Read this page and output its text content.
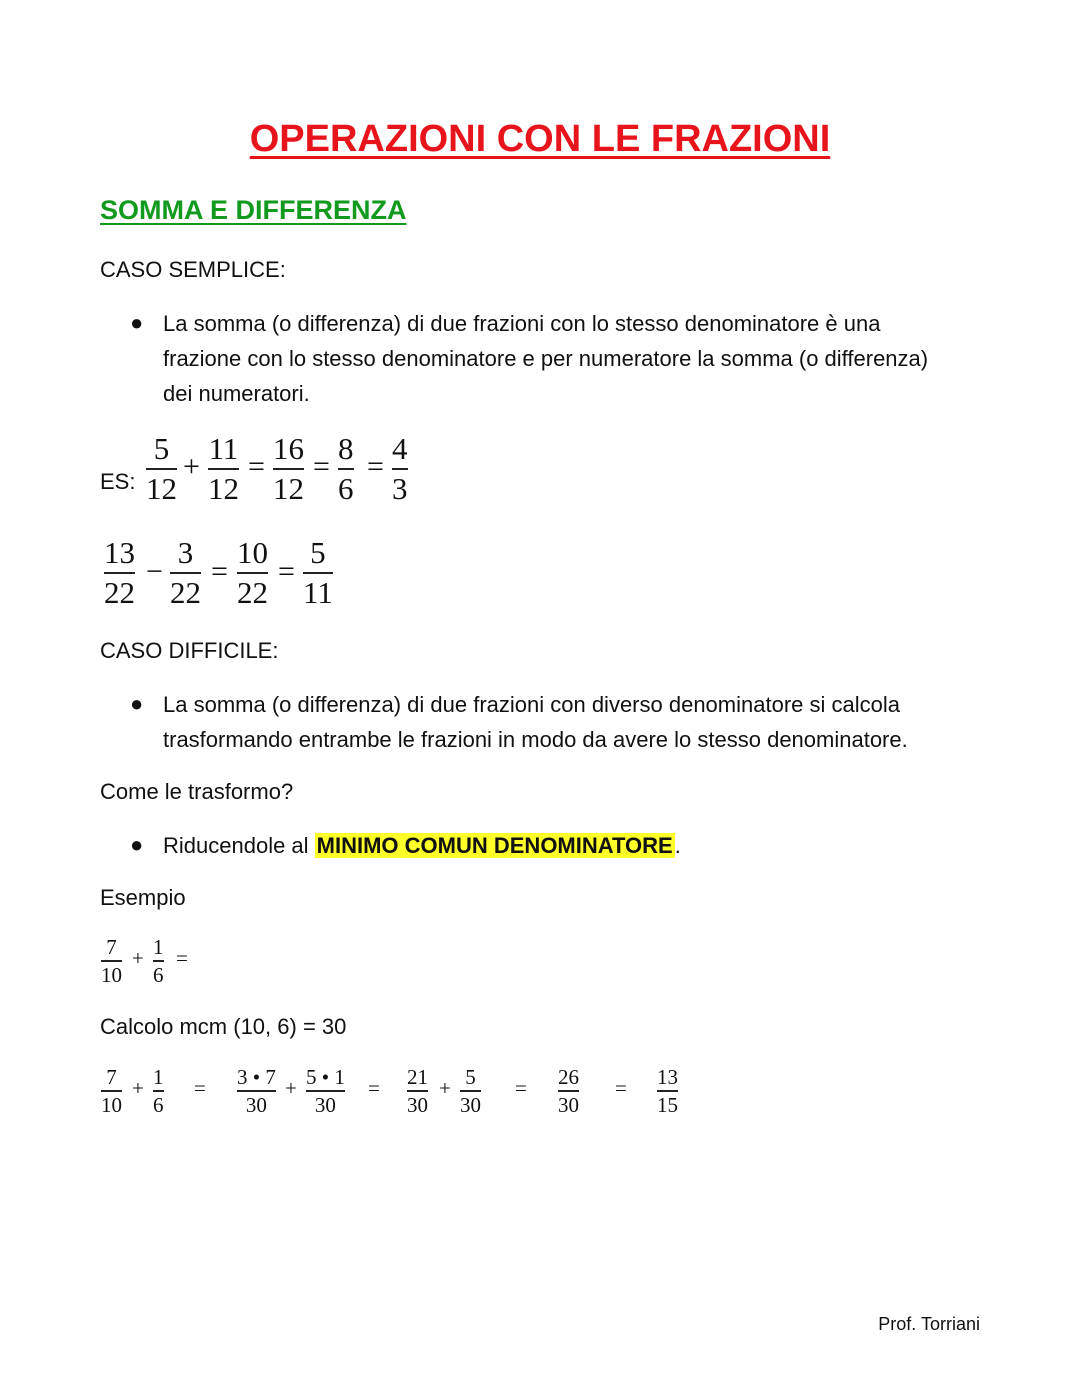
OPERAZIONI CON LE FRAZIONI
SOMMA E DIFFERENZA
CASO SEMPLICE:
● La somma (o differenza) di due frazioni con lo stesso denominatore è una
frazione con lo stesso denominatore e per numeratore la somma (o differenza)
dei numeratori.
ES:
5
12
+
11
12
=
16
12
=
8
6
=
4
3
13
22
−
3
22
=
10
22
=
5
11
CASO DIFFICILE:
● La somma (o differenza) di due frazioni con diverso denominatore si calcola
trasformando entrambe le frazioni in modo da avere lo stesso denominatore.
Come le trasformo?
● Riducendole al MINIMO COMUN DENOMINATORE.
Esempio
7
10
+ 1
6
=
Calcolo mcm (10, 6) = 30
7
10
+ 1
6
= 3 • 7
30
+ 5 • 1
30
= 21
30
+ 5
30
= 26
30
= 13
15
Prof. Torriani
